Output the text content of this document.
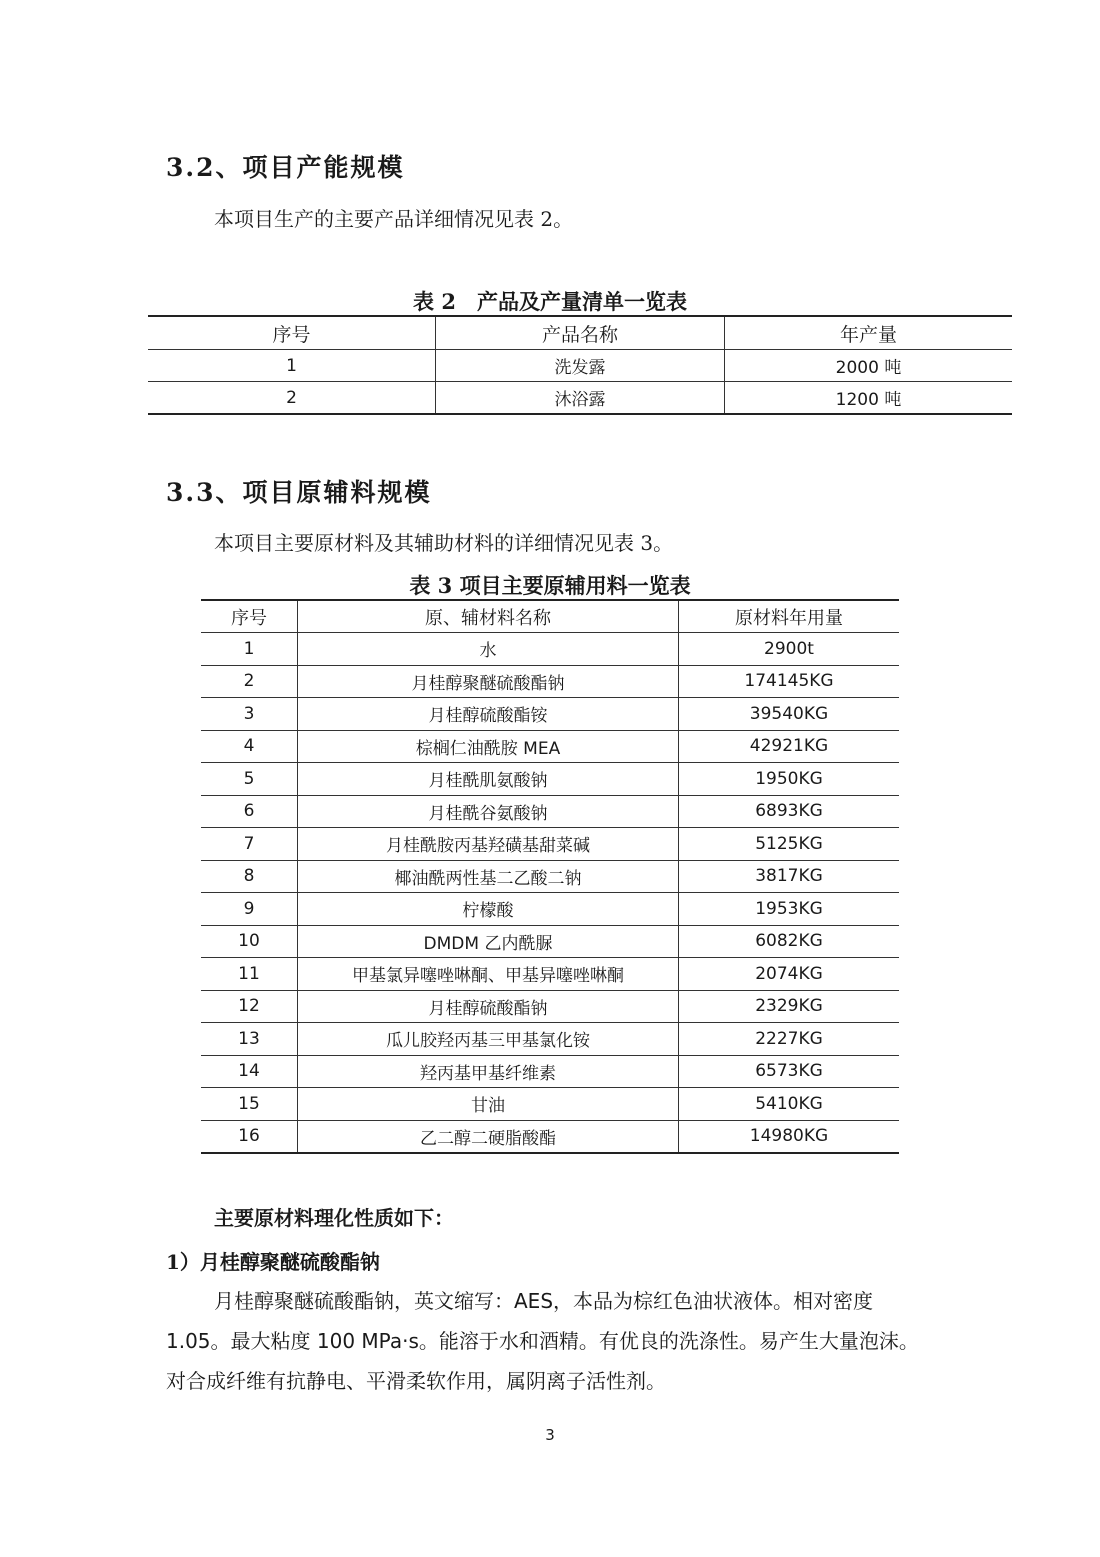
3.2、项目产能规模
本项目生产的主要产品详细情况见表 2。
表 2　产品及产量清单一览表
序号	产品名称	年产量
1	洗发露	2000 吨
2	沐浴露	1200 吨
3.3、项目原辅料规模
本项目主要原材料及其辅助材料的详细情况见表 3。
表 3 项目主要原辅用料一览表
序号	原、辅材料名称	原材料年用量
1	水	2900t
2	月桂醇聚醚硫酸酯钠	174145KG
3	月桂醇硫酸酯铵	39540KG
4	棕榈仁油酰胺 MEA	42921KG
5	月桂酰肌氨酸钠	1950KG
6	月桂酰谷氨酸钠	6893KG
7	月桂酰胺丙基羟磺基甜菜碱	5125KG
8	椰油酰两性基二乙酸二钠	3817KG
9	柠檬酸	1953KG
10	DMDM 乙内酰脲	6082KG
11	甲基氯异噻唑啉酮、甲基异噻唑啉酮	2074KG
12	月桂醇硫酸酯钠	2329KG
13	瓜儿胶羟丙基三甲基氯化铵	2227KG
14	羟丙基甲基纤维素	6573KG
15	甘油	5410KG
16	乙二醇二硬脂酸酯	14980KG
主要原材料理化性质如下：
1）月桂醇聚醚硫酸酯钠
月桂醇聚醚硫酸酯钠，英文缩写：AES，本品为棕红色油状液体。相对密度
1.05。最大粘度 100 MPa·s。能溶于水和酒精。有优良的洗涤性。易产生大量泡沫。
对合成纤维有抗静电、平滑柔软作用，属阴离子活性剂。
3
